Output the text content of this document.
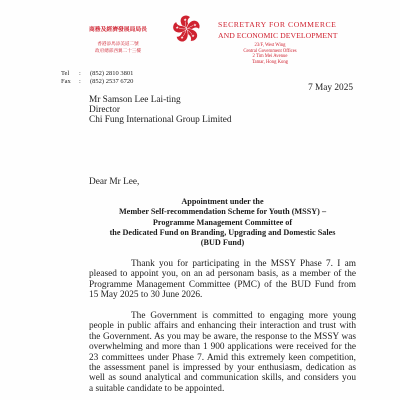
商務及經濟發展局局長
香港添馬添美道二號
政府總部西翼二十三樓
SECRETARY FOR COMMERCE
AND ECONOMIC DEVELOPMENT
23/F, West Wing
Central Government Offices
2 Tim Mei Avenue
Tamar, Hong Kong
Tel : (852) 2810 3801
Fax : (852) 2537 6720
7 May 2025
Mr Samson Lee Lai-ting
Director
Chi Fung International Group Limited
Dear Mr Lee,
Appointment under the
Member Self-recommendation Scheme for Youth (MSSY) –
Programme Management Committee of
the Dedicated Fund on Branding, Upgrading and Domestic Sales
(BUD Fund)
Thank you for participating in the MSSY Phase 7. I am
pleased to appoint you, on an ad personam basis, as a member of the
Programme Management Committee (PMC) of the BUD Fund from
15 May 2025 to 30 June 2026.
The Government is committed to engaging more young
people in public affairs and enhancing their interaction and trust with
the Government. As you may be aware, the response to the MSSY was
overwhelming and more than 1 900 applications were received for the
23 committees under Phase 7. Amid this extremely keen competition,
the assessment panel is impressed by your enthusiasm, dedication as
well as sound analytical and communication skills, and considers you
a suitable candidate to be appointed.
